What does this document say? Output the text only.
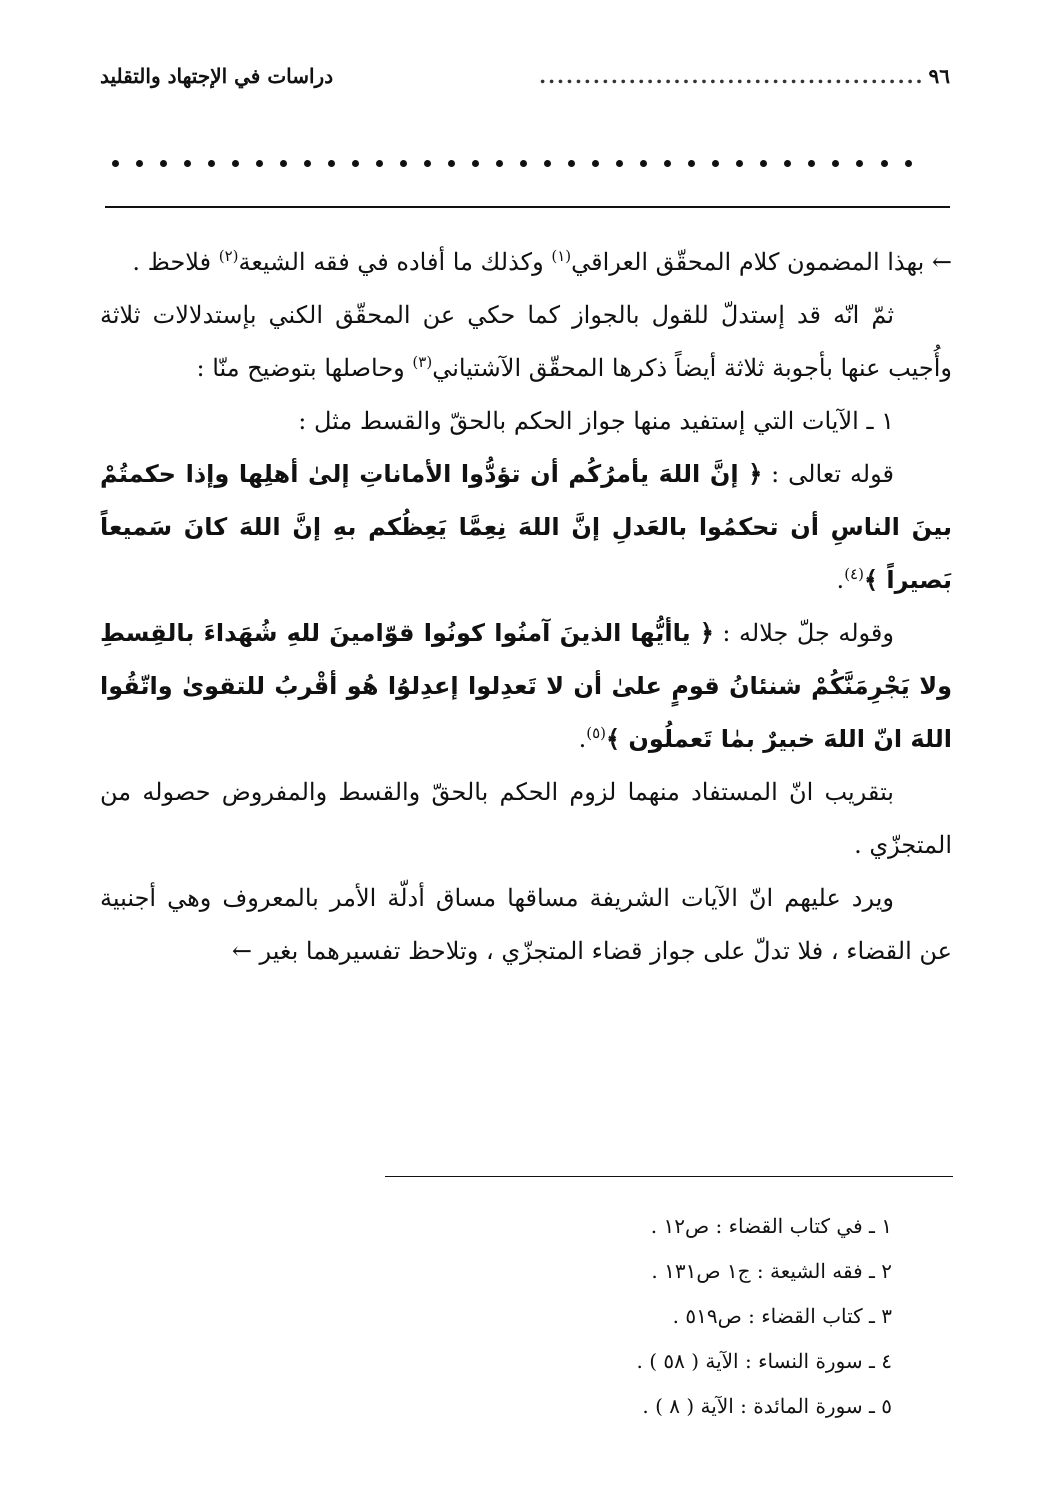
٩٦
...........................................
دراسات في الإجتهاد والتقليد

← بهذا المضمون كلام المحقّق العراقي$^{(١)}$ وكذلك ما أفاده في فقه الشيعة$^{(٢)}$ فلاحظ .

ثمّ انّه قد إستدلّ للقول بالجواز كما حكي عن المحقّق الكني بإستدلالات ثلاثة وأُجيب عنها بأجوبة ثلاثة أيضاً ذكرها المحقّق الآشتياني$^{(٣)}$ وحاصلها بتوضيح منّا :

١ ـ الآيات التي إستفيد منها جواز الحكم بالحقّ والقسط مثل :

قوله تعالى : ﴿ إنَّ اللهَ يأمرُكُم أن تؤدُّوا الأماناتِ إلىٰ أهلِها وإذا حكمتُمْ بينَ الناسِ أن تحكمُوا بالعَدلِ إنَّ اللهَ نِعِمَّا يَعِظُكم بهِ إنَّ اللهَ كانَ سَميعاً بَصيراً ﴾$^{(٤)}$.

وقوله جلّ جلاله : ﴿ ياأيُّها الذينَ آمنُوا كونُوا قوّامينَ للهِ شُهَداءَ بالقِسطِ ولا يَجْرِمَنَّكُمْ شنئانُ قومٍ علىٰ أن لا تَعدِلوا إعدِلوُا هُو أقْربُ للتقوىٰ واتّقُوا اللهَ انّ اللهَ خبيرٌ بمٰا تَعملُون ﴾$^{(٥)}$.

بتقريب انّ المستفاد منهما لزوم الحكم بالحقّ والقسط والمفروض حصوله من المتجزّي .

ويرد عليهم انّ الآيات الشريفة مساقها مساق أدلّة الأمر بالمعروف وهي أجنبية عن القضاء ، فلا تدلّ على جواز قضاء المتجزّي ، وتلاحظ تفسيرهما بغير ←

١ ـ في كتاب القضاء : ص١٢ .
٢ ـ فقه الشيعة : ج١ ص١٣١ .
٣ ـ كتاب القضاء : ص٥١٩ .
٤ ـ سورة النساء : الآية ( ٥٨ ) .
٥ ـ سورة المائدة : الآية ( ٨ ) .
